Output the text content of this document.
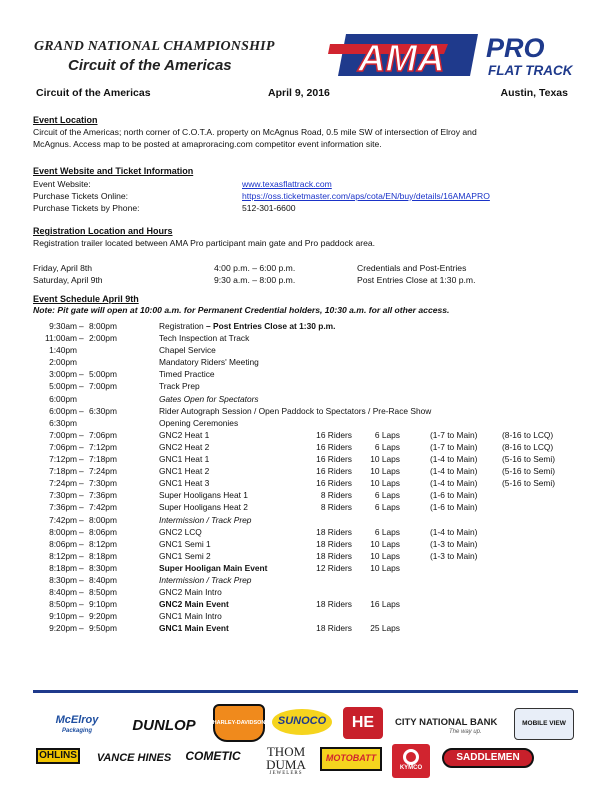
GRAND NATIONAL CHAMPIONSHIP
Circuit of the Americas	AMA PRO
FLAT TRACK
Circuit of the Americas	April 9, 2016	Austin, Texas
Event Location
Circuit of the Americas; north corner of C.O.T.A. property on McAgnus Road, 0.5 mile SW of intersection of Elroy and
McAgnus. Access map to be posted at amaproracing.com competitor event information site.
Event Website and Ticket Information
Event Website:	www.texasflattrack.com
Purchase Tickets Online:	https://oss.ticketmaster.com/aps/cota/EN/buy/details/16AMAPRO
Purchase Tickets by Phone:	512-301-6600
Registration Location and Hours
Registration trailer located between AMA Pro participant main gate and Pro paddock area.
Friday, April 8th	4:00 p.m. – 6:00 p.m.	Credentials and Post-Entries
Saturday, April 9th	9:30 a.m. – 8:00 p.m.	Post Entries Close at 1:30 p.m.
Event Schedule April 9th
Note: Pit gate will open at 10:00 a.m. for Permanent Credential holders, 10:30 a.m. for all other access.
9:30am – 8:00pm	Registration – Post Entries Close at 1:30 p.m.
11:00am – 2:00pm	Tech Inspection at Track
1:40pm	Chapel Service
2:00pm	Mandatory Riders' Meeting
3:00pm – 5:00pm	Timed Practice
5:00pm – 7:00pm	Track Prep
6:00pm	Gates Open for Spectators
6:00pm – 6:30pm	Rider Autograph Session / Open Paddock to Spectators / Pre-Race Show
6:30pm	Opening Ceremonies
7:00pm – 7:06pm	GNC2 Heat 1	16 Riders	6 Laps	(1-7 to Main)	(8-16 to LCQ)
7:06pm – 7:12pm	GNC2 Heat 2	16 Riders	6 Laps	(1-7 to Main)	(8-16 to LCQ)
7:12pm – 7:18pm	GNC1 Heat 1	16 Riders	10 Laps	(1-4 to Main)	(5-16 to Semi)
7:18pm – 7:24pm	GNC1 Heat 2	16 Riders	10 Laps	(1-4 to Main)	(5-16 to Semi)
7:24pm – 7:30pm	GNC1 Heat 3	16 Riders	10 Laps	(1-4 to Main)	(5-16 to Semi)
7:30pm – 7:36pm	Super Hooligans Heat 1	8 Riders	6 Laps	(1-6 to Main)
7:36pm – 7:42pm	Super Hooligans Heat 2	8 Riders	6 Laps	(1-6 to Main)
7:42pm – 8:00pm	Intermission / Track Prep
8:00pm – 8:06pm	GNC2 LCQ	18 Riders	6 Laps	(1-4 to Main)
8:06pm – 8:12pm	GNC1 Semi 1	18 Riders	10 Laps	(1-3 to Main)
8:12pm – 8:18pm	GNC1 Semi 2	18 Riders	10 Laps	(1-3 to Main)
8:18pm – 8:30pm	Super Hooligan Main Event	12 Riders	10 Laps
8:30pm – 8:40pm	Intermission / Track Prep
8:40pm – 8:50pm	GNC2 Main Intro
8:50pm – 9:10pm	GNC2 Main Event	18 Riders	16 Laps
9:10pm – 9:20pm	GNC1 Main Intro
9:20pm – 9:50pm	GNC1 Main Event	18 Riders	25 Laps
McElroy
Packaging	DUNLOP	HARLEY-DAVIDSON	SUNOCO	HE	CITY NATIONAL BANK
The way up.
MOBILE VIEW
ÖHLINS VANCE HINES	COMETIC	THOM DUMA
JEWELERS
MOTOBATT
KYMCO
SADDLEMEN
